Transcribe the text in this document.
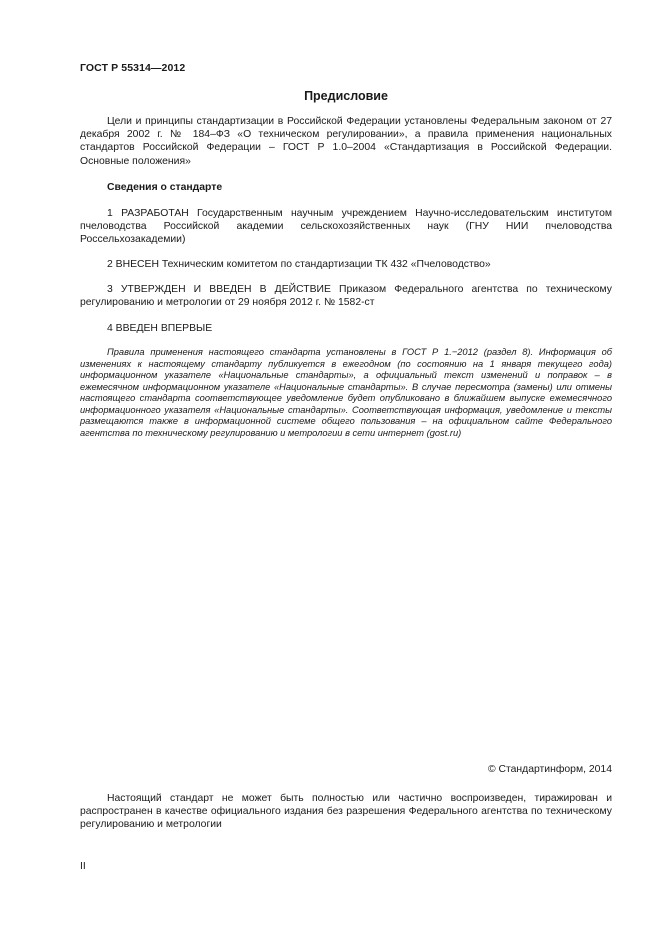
ГОСТ Р 55314—2012
Предисловие
Цели и принципы стандартизации в Российской Федерации установлены Федеральным законом от 27 декабря 2002 г. № 184–ФЗ «О техническом регулировании», а правила применения национальных стандартов Российской Федерации – ГОСТ Р 1.0–2004 «Стандартизация в Российской Федерации. Основные положения»
Сведения о стандарте
1 РАЗРАБОТАН Государственным научным учреждением Научно-исследовательским институтом пчеловодства Российской академии сельскохозяйственных наук (ГНУ НИИ пчеловодства Россельхозакадемии)
2 ВНЕСЕН Техническим комитетом по стандартизации ТК 432 «Пчеловодство»
3 УТВЕРЖДЕН И ВВЕДЕН В ДЕЙСТВИЕ Приказом Федерального агентства по техническому регулированию и метрологии от 29 ноября 2012 г. № 1582-ст
4 ВВЕДЕН ВПЕРВЫЕ
Правила применения настоящего стандарта установлены в ГОСТ Р 1.−2012 (раздел 8). Информация об изменениях к настоящему стандарту публикуется в ежегодном (по состоянию на 1 января текущего года) информационном указателе «Национальные стандарты», а официальный текст изменений и поправок – в ежемесячном информационном указателе «Национальные стандарты». В случае пересмотра (замены) или отмены настоящего стандарта соответствующее уведомление будет опубликовано в ближайшем выпуске ежемесячного информационного указателя «Национальные стандарты». Соответствующая информация, уведомление и тексты размещаются также в информационной системе общего пользования – на официальном сайте Федерального агентства по техническому регулированию и метрологии в сети интернет (gost.ru)
© Стандартинформ, 2014
Настоящий стандарт не может быть полностью или частично воспроизведен, тиражирован и распространен в качестве официального издания без разрешения Федерального агентства по техническому регулированию и метрологии
II
